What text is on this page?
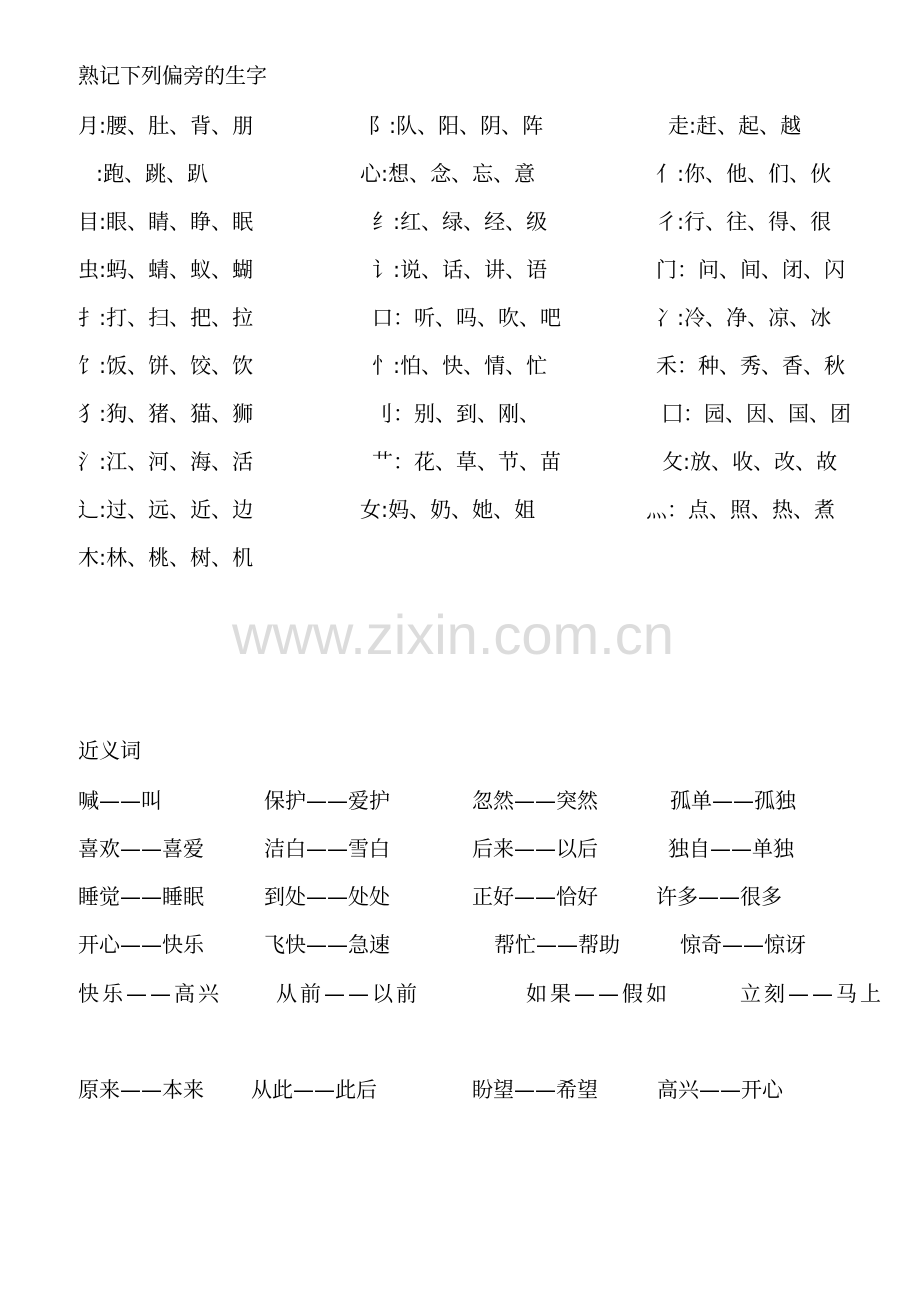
熟记下列偏旁的生字
月:腰、肚、背、朋	阝:队、阳、阴、阵	走:赶、起、越
:跑、跳、趴	心:想、念、忘、意	亻:你、他、们、伙
目:眼、睛、睁、眠	纟:红、绿、经、级	彳:行、往、得、很
虫:蚂、蜻、蚁、蝴	讠:说、话、讲、语	门：问、间、闭、闪
扌:打、扫、把、拉	口：听、吗、吹、吧	冫:冷、净、凉、冰
饣:饭、饼、饺、饮	忄:怕、快、情、忙	禾：种、秀、香、秋
犭:狗、猪、猫、狮	刂：别、到、刚、	囗：园、因、国、团
氵:江、河、海、活	艹：花、草、节、苗	攵:放、收、改、故
辶:过、远、近、边	女:妈、奶、她、姐	灬：点、照、热、煮
木:林、桃、树、机
www.zixin.com.cn
近义词
喊——叫	保护——爱护	忽然——突然	孤单——孤独
喜欢——喜爱	洁白——雪白	后来——以后	独自——单独
睡觉——睡眠	到处——处处	正好——恰好	许多——很多
开心——快乐	飞快——急速	帮忙——帮助	惊奇——惊讶
快乐——高兴	从前——以前	如果——假如	立刻——马上
原来——本来 从此——此后	盼望——希望	高兴——开心
